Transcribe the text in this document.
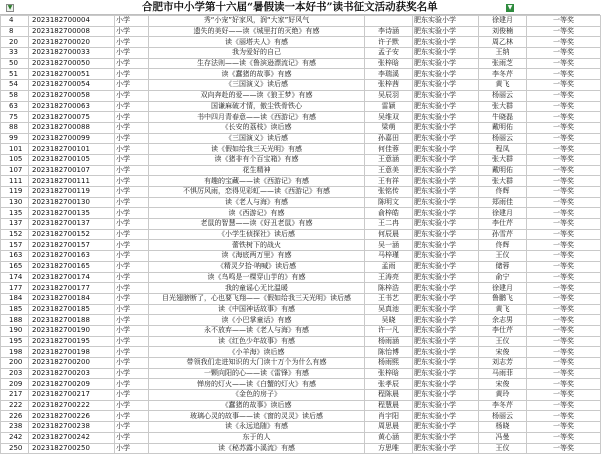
合肥市中小学第十六届“暑假读一本好书”读书征文活动获奖名单
▼	▼
4	2023182700004	小学	秀“小宠”好家风，润“大家”好风气		肥东实验小学	徐建月	一等奖
8	2023182700008	小学	遗失的美好——读《城里打的灭绝》有感	李诗涵	肥东实验小学	刘俊楠	一等奖
20	2023182700020	小学	读《丽塔夫人》有感	许子默	肥东实验小学	周乙林	一等奖
33	2023182700033	小学	我为爱好的自己	孟子安	肥东实验小学	王纳	一等奖
50	2023182700050	小学	生存法则——读《鲁滨逊漂流记》有感	张梓晗	肥东实验小学	张雨芝	一等奖
51	2023182700051	小学	读《蠢猪的故事》有感	李瑞溪	肥东实验小学	李冬芹	一等奖
54	2023182700054	小学	《三国演义》读后感	张梓茜	肥东实验小学	黄飞	一等奖
58	2023182700058	小学	双向奔赴的爱——读《狼王梦》有感	吴辰羽	肥东实验小学	杨丽云	一等奖
63	2023182700063	小学	国谦麻破才情，傲尘铁骨铁心	雷颖	肥东实验小学	张大群	一等奖
75	2023182700075	小学	书中四月青春意——读《西游记》有感	吴维双	肥东实验小学	牛晓磊	一等奖
88	2023182700088	小学	《长安的荔枝》读后感	梁萌	肥东实验小学	戴明佑	一等奖
99	2023182700099	小学	《三国演义》读后感	孙嘉田	肥东实验小学	杨丽云	一等奖
101	2023182700101	小学	读《假如给我三天光明》有感	何佳蓉	肥东实验小学	程凤	一等奖
105	2023182700105	小学	读《猪非有个百宝箱》有感	王意涵	肥东实验小学	张大群	一等奖
107	2023182700107	小学	花生精神	王意美	肥东实验小学	戴明佑	一等奖
111	2023182700111	小学	有趣的宝藏——读《西游记》有感	王有祥	肥东实验小学	张大群	一等奖
119	2023182700119	小学	不惧厉风雨，恋得见彩虹——读《西游记》有感	张铭传	肥东实验小学	佟辉	一等奖
130	2023182700130	小学	读《老人与海》有感	陈明文	肥东实验小学	郑雨佳	一等奖
135	2023182700135	小学	读《西游记》有感	俞梓皓	肥东实验小学	徐建月	一等奖
137	2023182700137	小学	老鼠的智慧——读《好丑老鼠》有感	王二冉	肥东实验小学	李仕芹	一等奖
152	2023182700152	小学	《小学生侦探社》读后感	何辰晨	肥东实验小学	孙雪芹	一等奖
157	2023182700157	小学	蕾铁树下的战火	吴一涵	肥东实验小学	佟辉	一等奖
163	2023182700163	小学	读《海底两万里》有感	马梓瑾	肥东实验小学	王仪	一等奖
165	2023182700165	小学	《精灵夕拾·呐喊》读后感	孟雨	肥东实验小学	储蓉	一等奖
174	2023182700174	小学	读《鸟鸣是一棵穿山芋的》有感	王涛亮	肥东实验小学	俞宁	一等奖
177	2023182700177	小学	我的童谣心无比温暖	陈梓浩	肥东实验小学	徐建月	一等奖
184	2023182700184	小学	目光翅膀断了，心也要飞翔——《假如给我三天光明》读后感	王书艺	肥东实验小学	鲁鹏飞	一等奖
185	2023182700185	小学	读《中国神话故事》有感	吴真池	肥东实验小学	黄飞	一等奖
188	2023182700188	小学	读《小巴掌童话》有感	吴晓	肥东实验小学	余志男	一等奖
190	2023182700190	小学	永不放弃——读《老人与海》有感	许一凡	肥东实验小学	李仕芹	一等奖
195	2023182700195	小学	读《红色少年故事》有感	杨雨涵	肥东实验小学	王仪	一等奖
198	2023182700198	小学	《小羊海》读后感	陈怡博	肥东实验小学	宋俊	一等奖
200	2023182700200	小学	带领我们走进知识的大门读十万个为什么有感	杨雨熙	肥东实验小学	刘志芳	一等奖
203	2023182700203	小学	一颗向阳的心——读《雷锋》有感	张梓晗	肥东实验小学	马雨菲	一等奖
209	2023182700209	小学	惮房的灯火——读《白蟹的灯火》有感	张孝辰	肥东实验小学	宋俊	一等奖
217	2023182700217	小学	《金色的房子》	程陈晨	肥东实验小学	黄玲	一等奖
222	2023182700222	小学	《蠢猪的故事》读后感	程慧晨	肥东实验小学	李冬芹	一等奖
226	2023182700226	小学	玻璃心灵的故事——读《窗的灵灵》读后感	肖宇阳	肥东实验小学	杨丽云	一等奖
238	2023182700238	小学	读《永远追随》有感	周思晨	肥东实验小学	杨晓	一等奖
242	2023182700242	小学	东于的人	黄心涵	肥东实验小学	冯曼	一等奖
250	2023182700250	小学	读《秘苏露小溪流》有感	方思唯	肥东实验小学	王仪	一等奖
